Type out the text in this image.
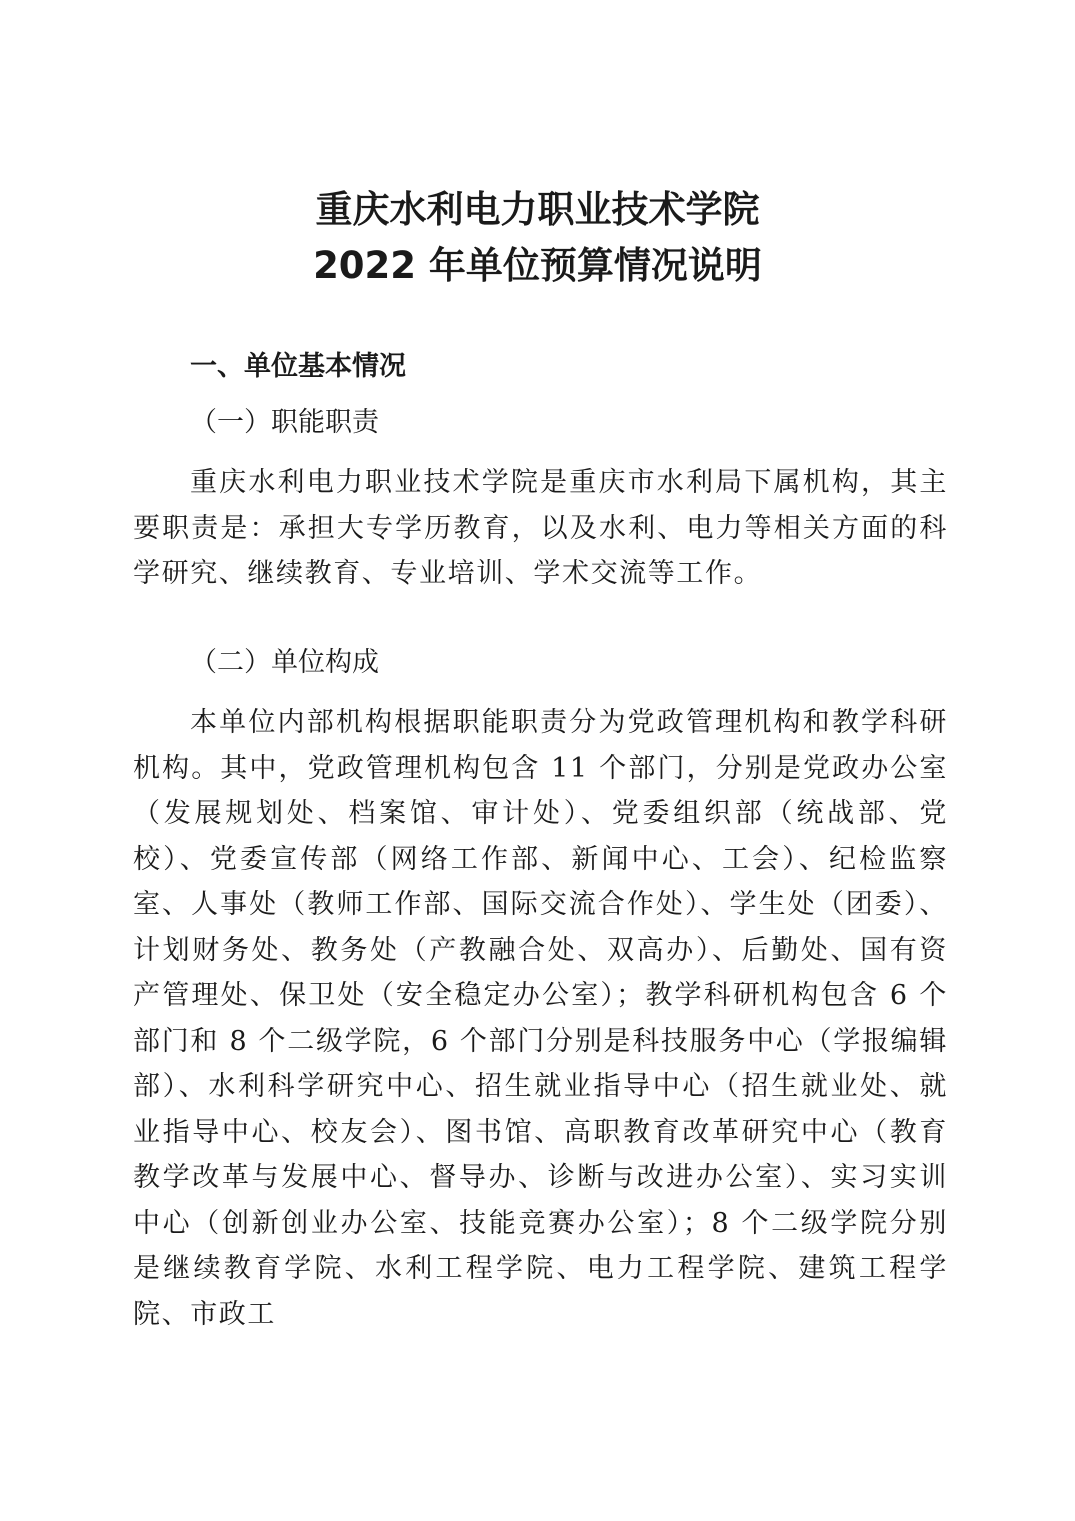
重庆水利电力职业技术学院
2022 年单位预算情况说明
一、单位基本情况
（一）职能职责
重庆水利电力职业技术学院是重庆市水利局下属机构，其主要职责是：承担大专学历教育，以及水利、电力等相关方面的科学研究、继续教育、专业培训、学术交流等工作。
（二）单位构成
本单位内部机构根据职能职责分为党政管理机构和教学科研机构。其中，党政管理机构包含 11 个部门，分别是党政办公室（发展规划处、档案馆、审计处）、党委组织部（统战部、党校）、党委宣传部（网络工作部、新闻中心、工会）、纪检监察室、人事处（教师工作部、国际交流合作处）、学生处（团委）、计划财务处、教务处（产教融合处、双高办）、后勤处、国有资产管理处、保卫处（安全稳定办公室）；教学科研机构包含 6 个部门和 8 个二级学院，6 个部门分别是科技服务中心（学报编辑部）、水利科学研究中心、招生就业指导中心（招生就业处、就业指导中心、校友会）、图书馆、高职教育改革研究中心（教育教学改革与发展中心、督导办、诊断与改进办公室）、实习实训中心（创新创业办公室、技能竞赛办公室）；8 个二级学院分别是继续教育学院、水利工程学院、电力工程学院、建筑工程学院、市政工
